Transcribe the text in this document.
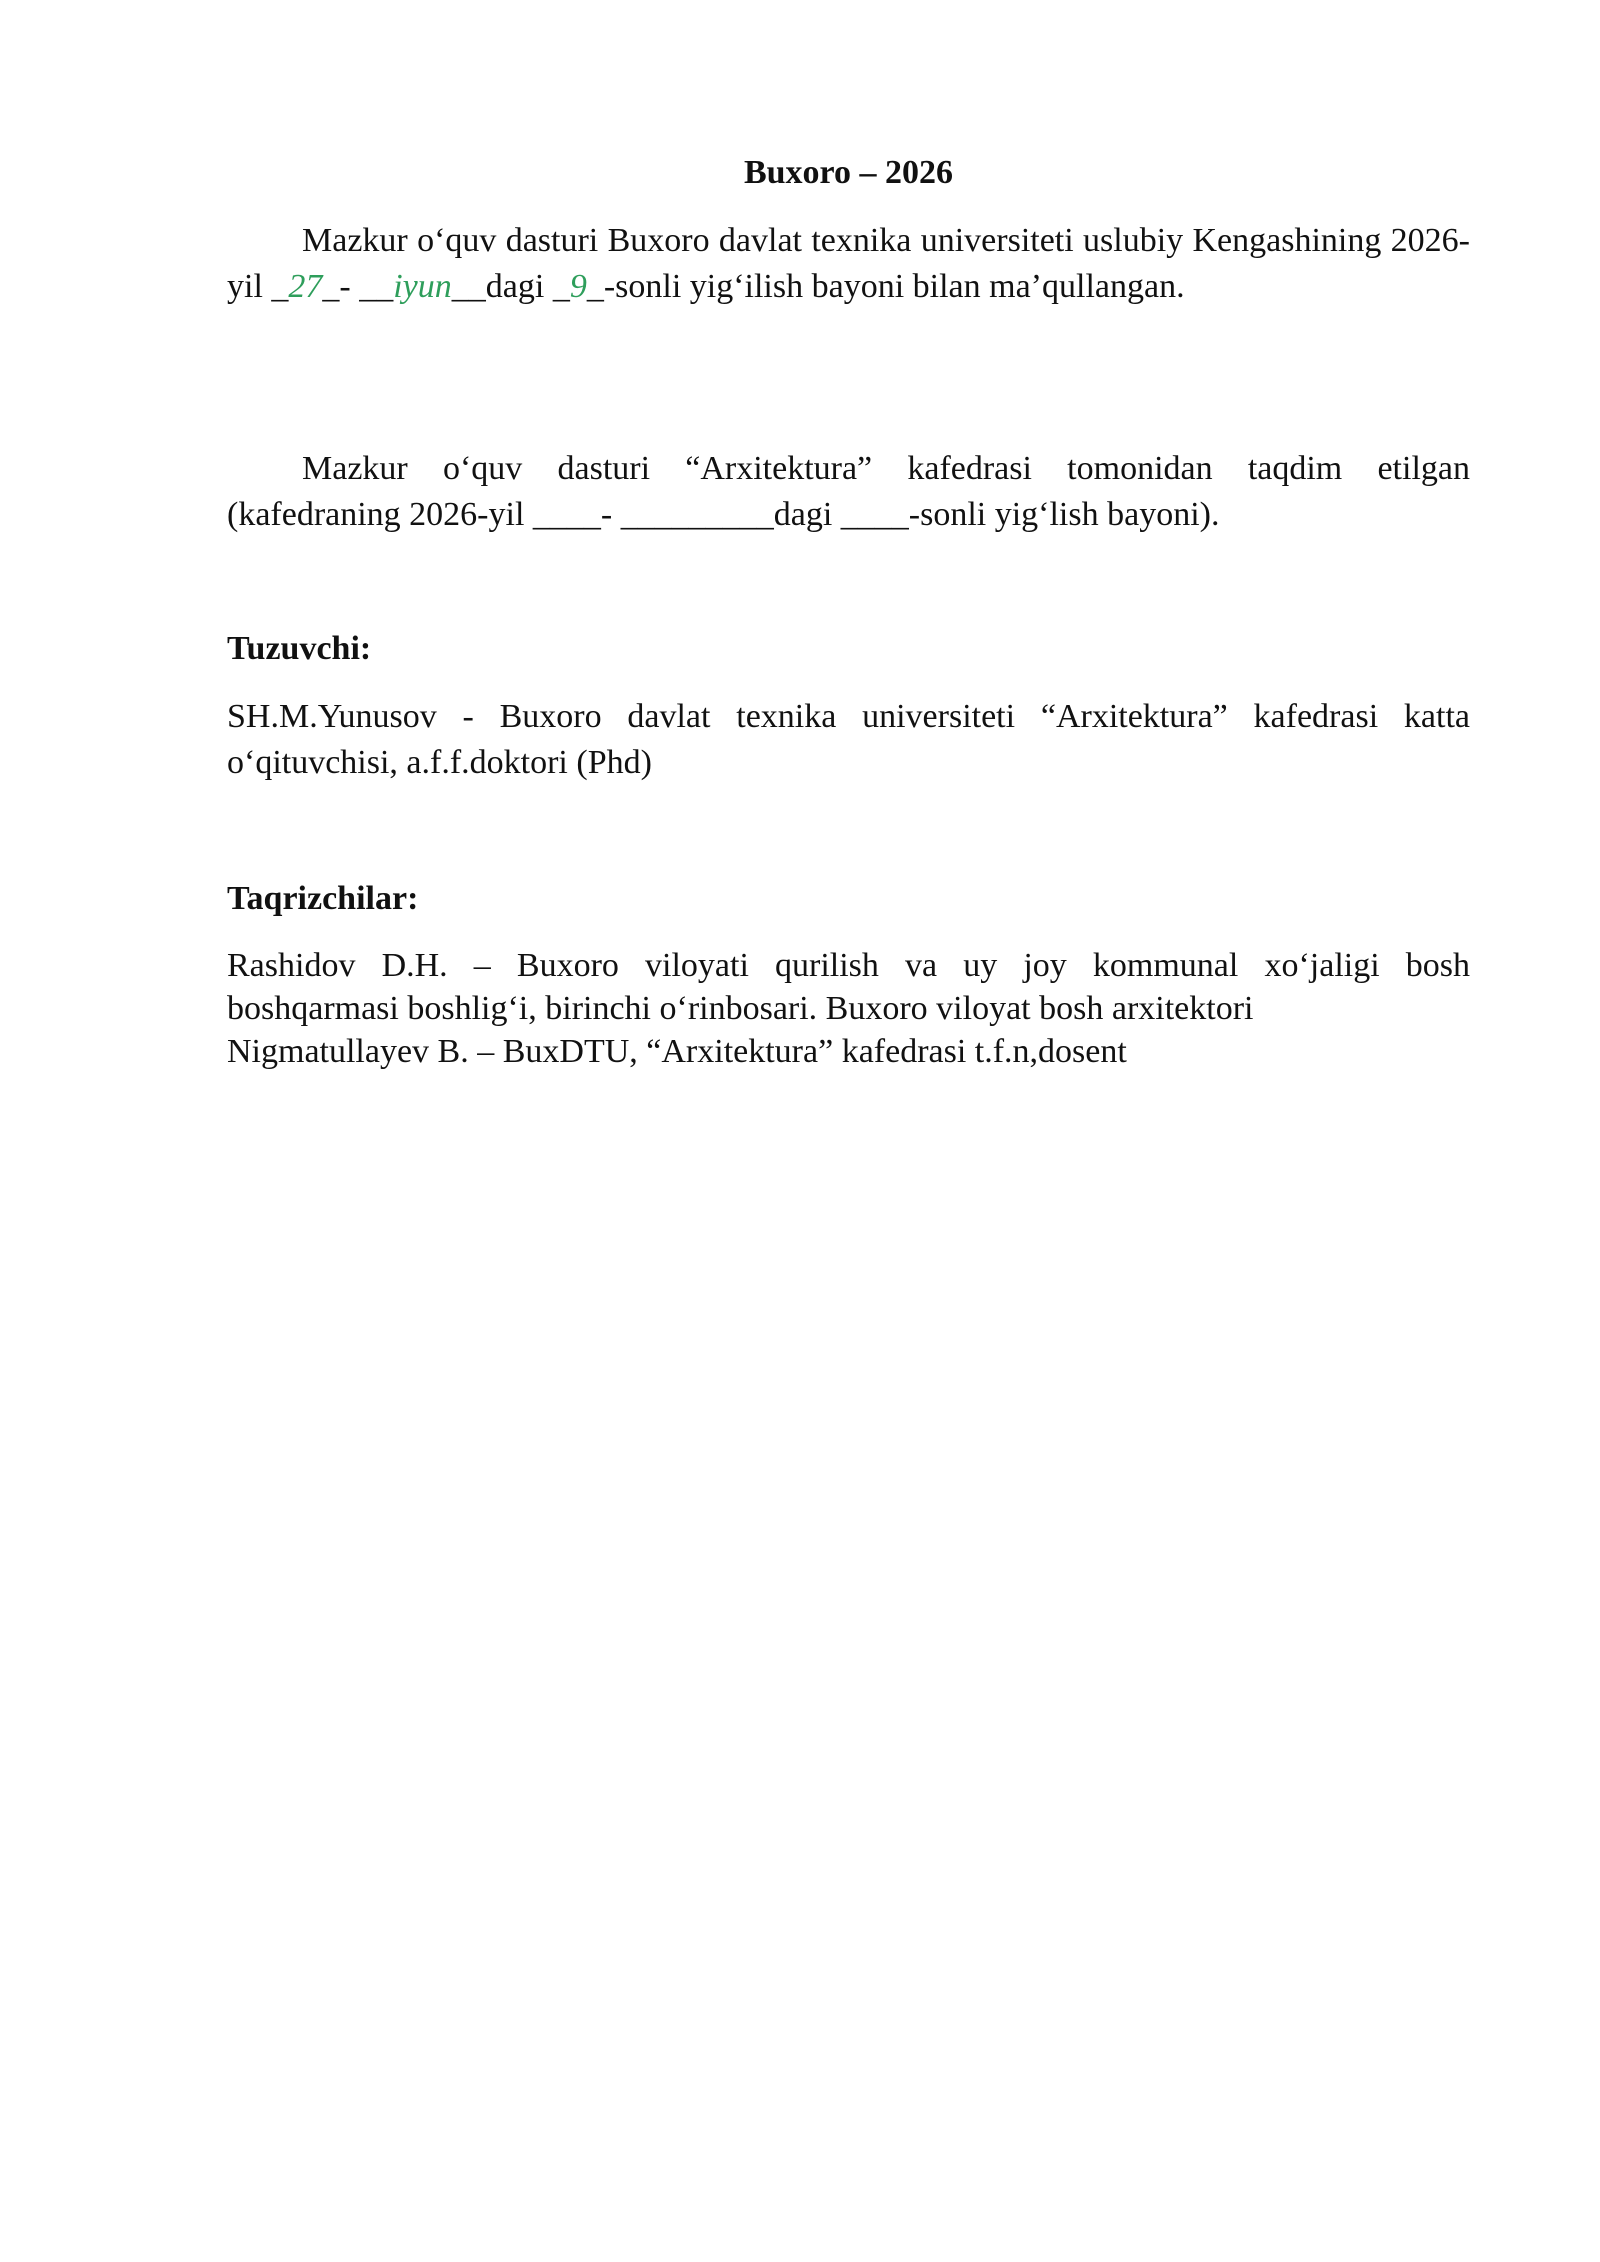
Buxoro – 2026
Mazkur o‘quv dasturi Buxoro davlat texnika universiteti uslubiy Kengashining 2026-yil _27_- __iyun__dagi _9_-sonli yig‘ilish bayoni bilan ma’qullangan.
Mazkur o‘quv dasturi “Arxitektura” kafedrasi tomonidan taqdim etilgan
(kafedraning 2026-yil ____- _________dagi ____-sonli yig‘lish bayoni).
Tuzuvchi:
SH.M.Yunusov - Buxoro davlat texnika universiteti “Arxitektura” kafedrasi katta
o‘qituvchisi, a.f.f.doktori (Phd)
Taqrizchilar:
Rashidov D.H. – Buxoro viloyati qurilish va uy joy kommunal xo‘jaligi bosh
boshqarmasi boshlig‘i, birinchi o‘rinbosari. Buxoro viloyat bosh arxitektori
Nigmatullayev B. – BuxDTU, “Arxitektura” kafedrasi t.f.n,dosent
